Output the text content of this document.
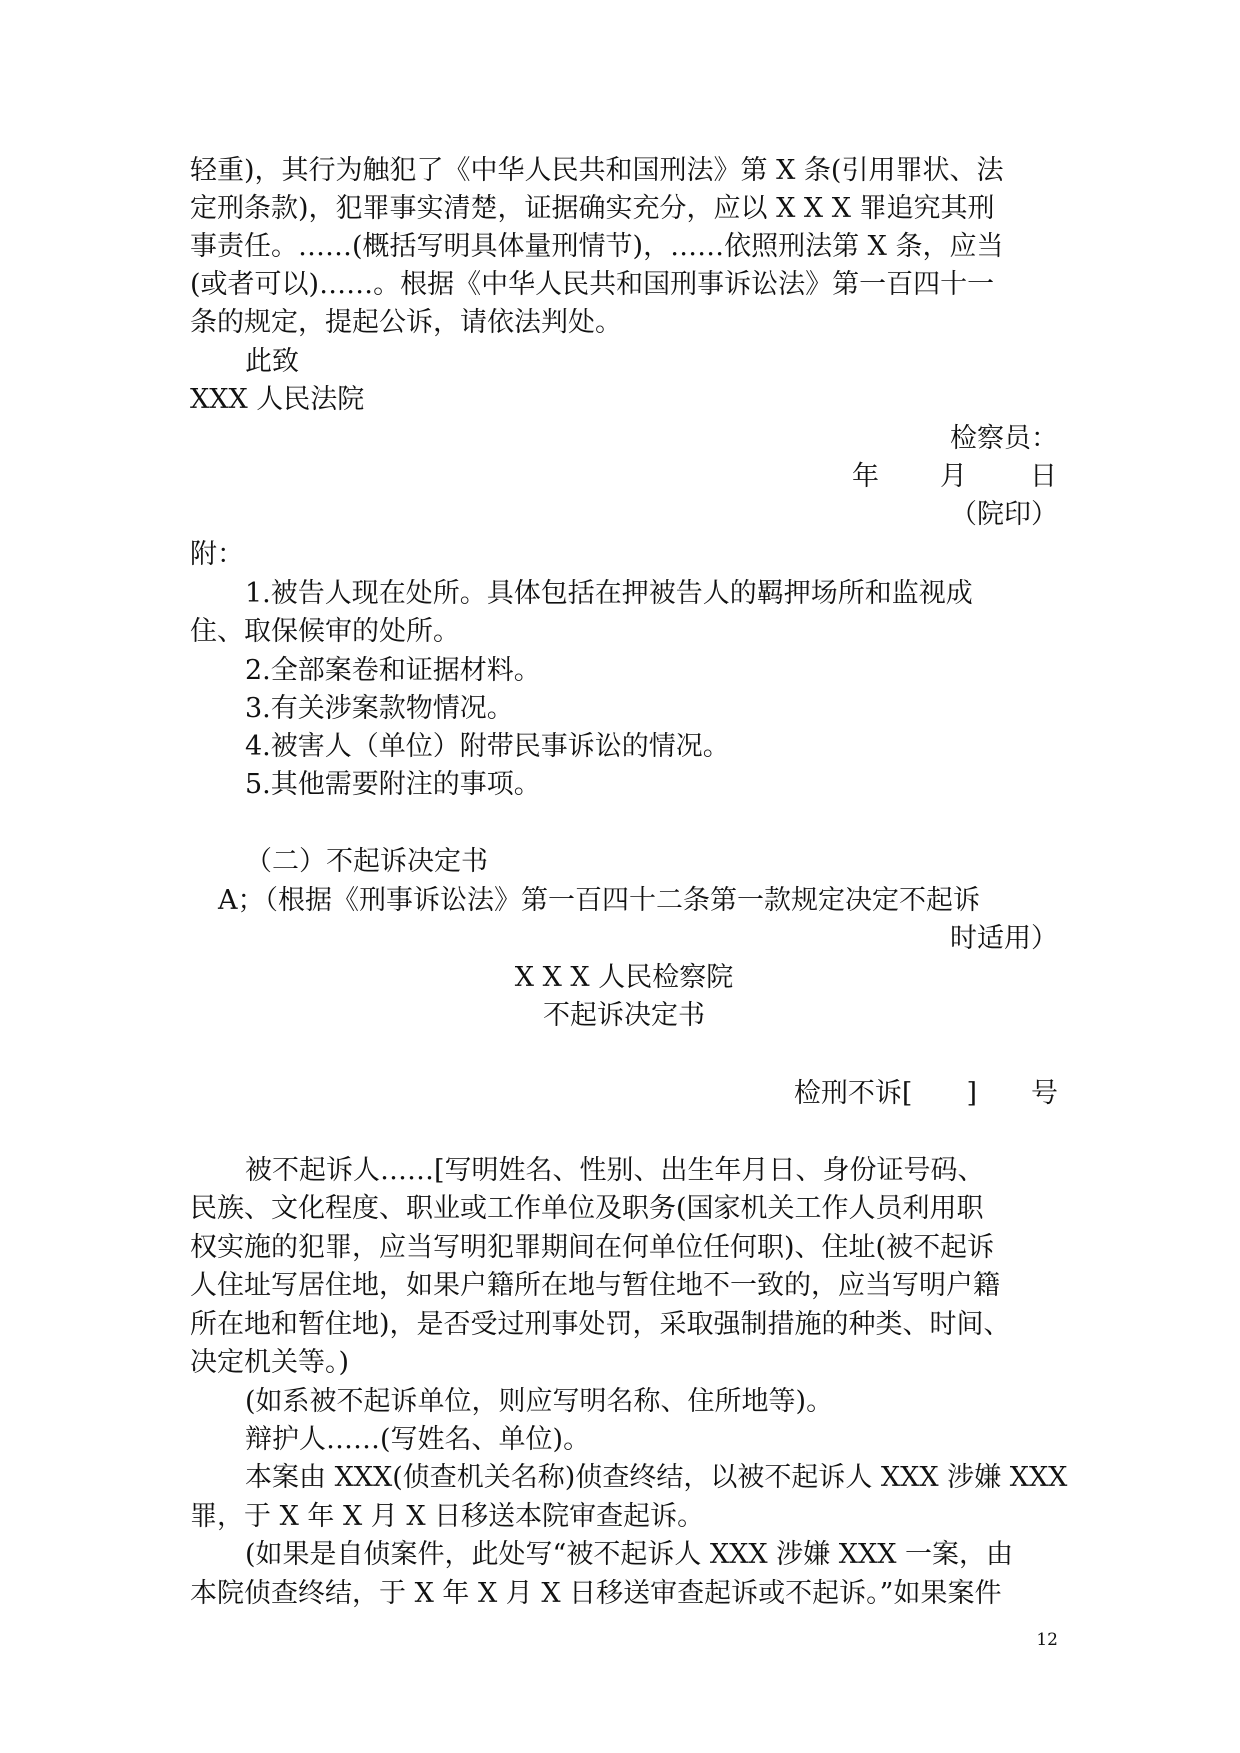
轻重)，其行为触犯了《中华人民共和国刑法》第 X 条(引用罪状、法
定刑条款)，犯罪事实清楚，证据确实充分，应以 X X X 罪追究其刑
事责任。……(概括写明具体量刑情节)，……依照刑法第 X 条，应当
(或者可以)……。根据《中华人民共和国刑事诉讼法》第一百四十一
条的规定，提起公诉，请依法判处。
此致
XXX 人民法院
检察员：
年 月 日
（院印）
附：
1.被告人现在处所。具体包括在押被告人的羁押场所和监视成
住、取保候审的处所。
2.全部案卷和证据材料。
3.有关涉案款物情况。
4.被害人（单位）附带民事诉讼的情况。
5.其他需要附注的事项。
（二）不起诉决定书
A；（根据《刑事诉讼法》第一百四十二条第一款规定决定不起诉
时适用）
X X X 人民检察院
不起诉决定书
检刑不诉[　　]　　号
被不起诉人……[写明姓名、性别、出生年月日、身份证号码、
民族、文化程度、职业或工作单位及职务(国家机关工作人员利用职
权实施的犯罪，应当写明犯罪期间在何单位任何职)、住址(被不起诉
人住址写居住地，如果户籍所在地与暂住地不一致的，应当写明户籍
所在地和暂住地)，是否受过刑事处罚，采取强制措施的种类、时间、
决定机关等。)
(如系被不起诉单位，则应写明名称、住所地等)。
辩护人……(写姓名、单位)。
本案由 XXX(侦查机关名称)侦查终结，以被不起诉人 XXX 涉嫌 XXX
罪，于 X 年 X 月 X 日移送本院审查起诉。
(如果是自侦案件，此处写“被不起诉人 XXX 涉嫌 XXX 一案，由
本院侦查终结，于 X 年 X 月 X 日移送审查起诉或不起诉。”如果案件
12
